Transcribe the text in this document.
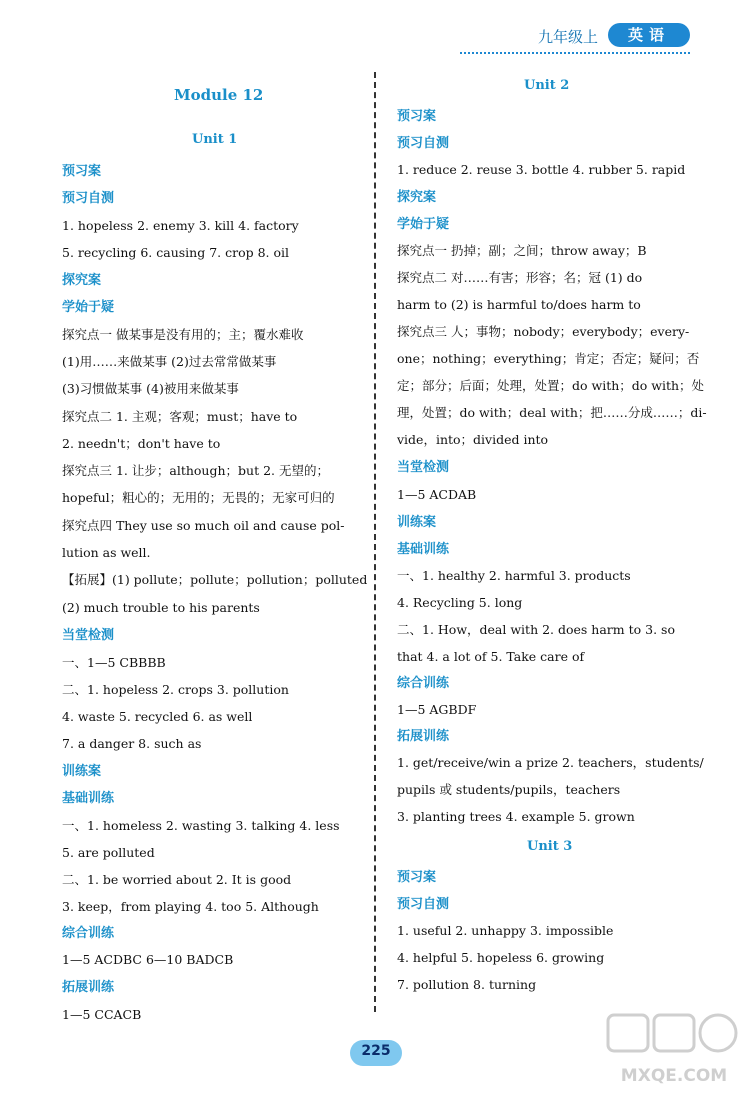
九年级上	英语
Module 12
Unit 1
预习案
预习自测
1. hopeless 2. enemy 3. kill 4. factory
5. recycling 6. causing 7. crop 8. oil
探究案
学始于疑
探究点一 做某事是没有用的；主；覆水难收
(1)用……来做某事 (2)过去常常做某事
(3)习惯做某事 (4)被用来做某事
探究点二 1. 主观；客观；must；have to
2. needn't；don't have to
探究点三 1. 让步；although；but 2. 无望的；
hopeful；粗心的；无用的；无畏的；无家可归的
探究点四 They use so much oil and cause pol-
lution as well.
【拓展】(1) pollute；pollute；pollution；polluted
(2) much trouble to his parents
当堂检测
一、1—5 CBBBB
二、1. hopeless 2. crops 3. pollution
4. waste 5. recycled 6. as well
7. a danger 8. such as
训练案
基础训练
一、1. homeless 2. wasting 3. talking 4. less
5. are polluted
二、1. be worried about 2. It is good
3. keep，from playing 4. too 5. Although
综合训练
1—5 ACDBC 6—10 BADCB
拓展训练
1—5 CCACB
Unit 2
预习案
预习自测
1. reduce 2. reuse 3. bottle 4. rubber 5. rapid
探究案
学始于疑
探究点一 扔掉；副；之间；throw away；B
探究点二 对……有害；形容；名；冠 (1) do
harm to (2) is harmful to/does harm to
探究点三 人；事物；nobody；everybody；every-
one；nothing；everything；肯定；否定；疑问；否
定；部分；后面；处理，处置；do with；do with；处
理，处置；do with；deal with；把……分成……；di-
vide，into；divided into
当堂检测
1—5 ACDAB
训练案
基础训练
一、1. healthy 2. harmful 3. products
4. Recycling 5. long
二、1. How，deal with 2. does harm to 3. so
that 4. a lot of 5. Take care of
综合训练
1—5 AGBDF
拓展训练
1. get/receive/win a prize 2. teachers，students/
pupils 或 students/pupils，teachers
3. planting trees 4. example 5. grown
Unit 3
预习案
预习自测
1. useful 2. unhappy 3. impossible
4. helpful 5. hopeless 6. growing
7. pollution 8. turning
225
MXQE.COM
